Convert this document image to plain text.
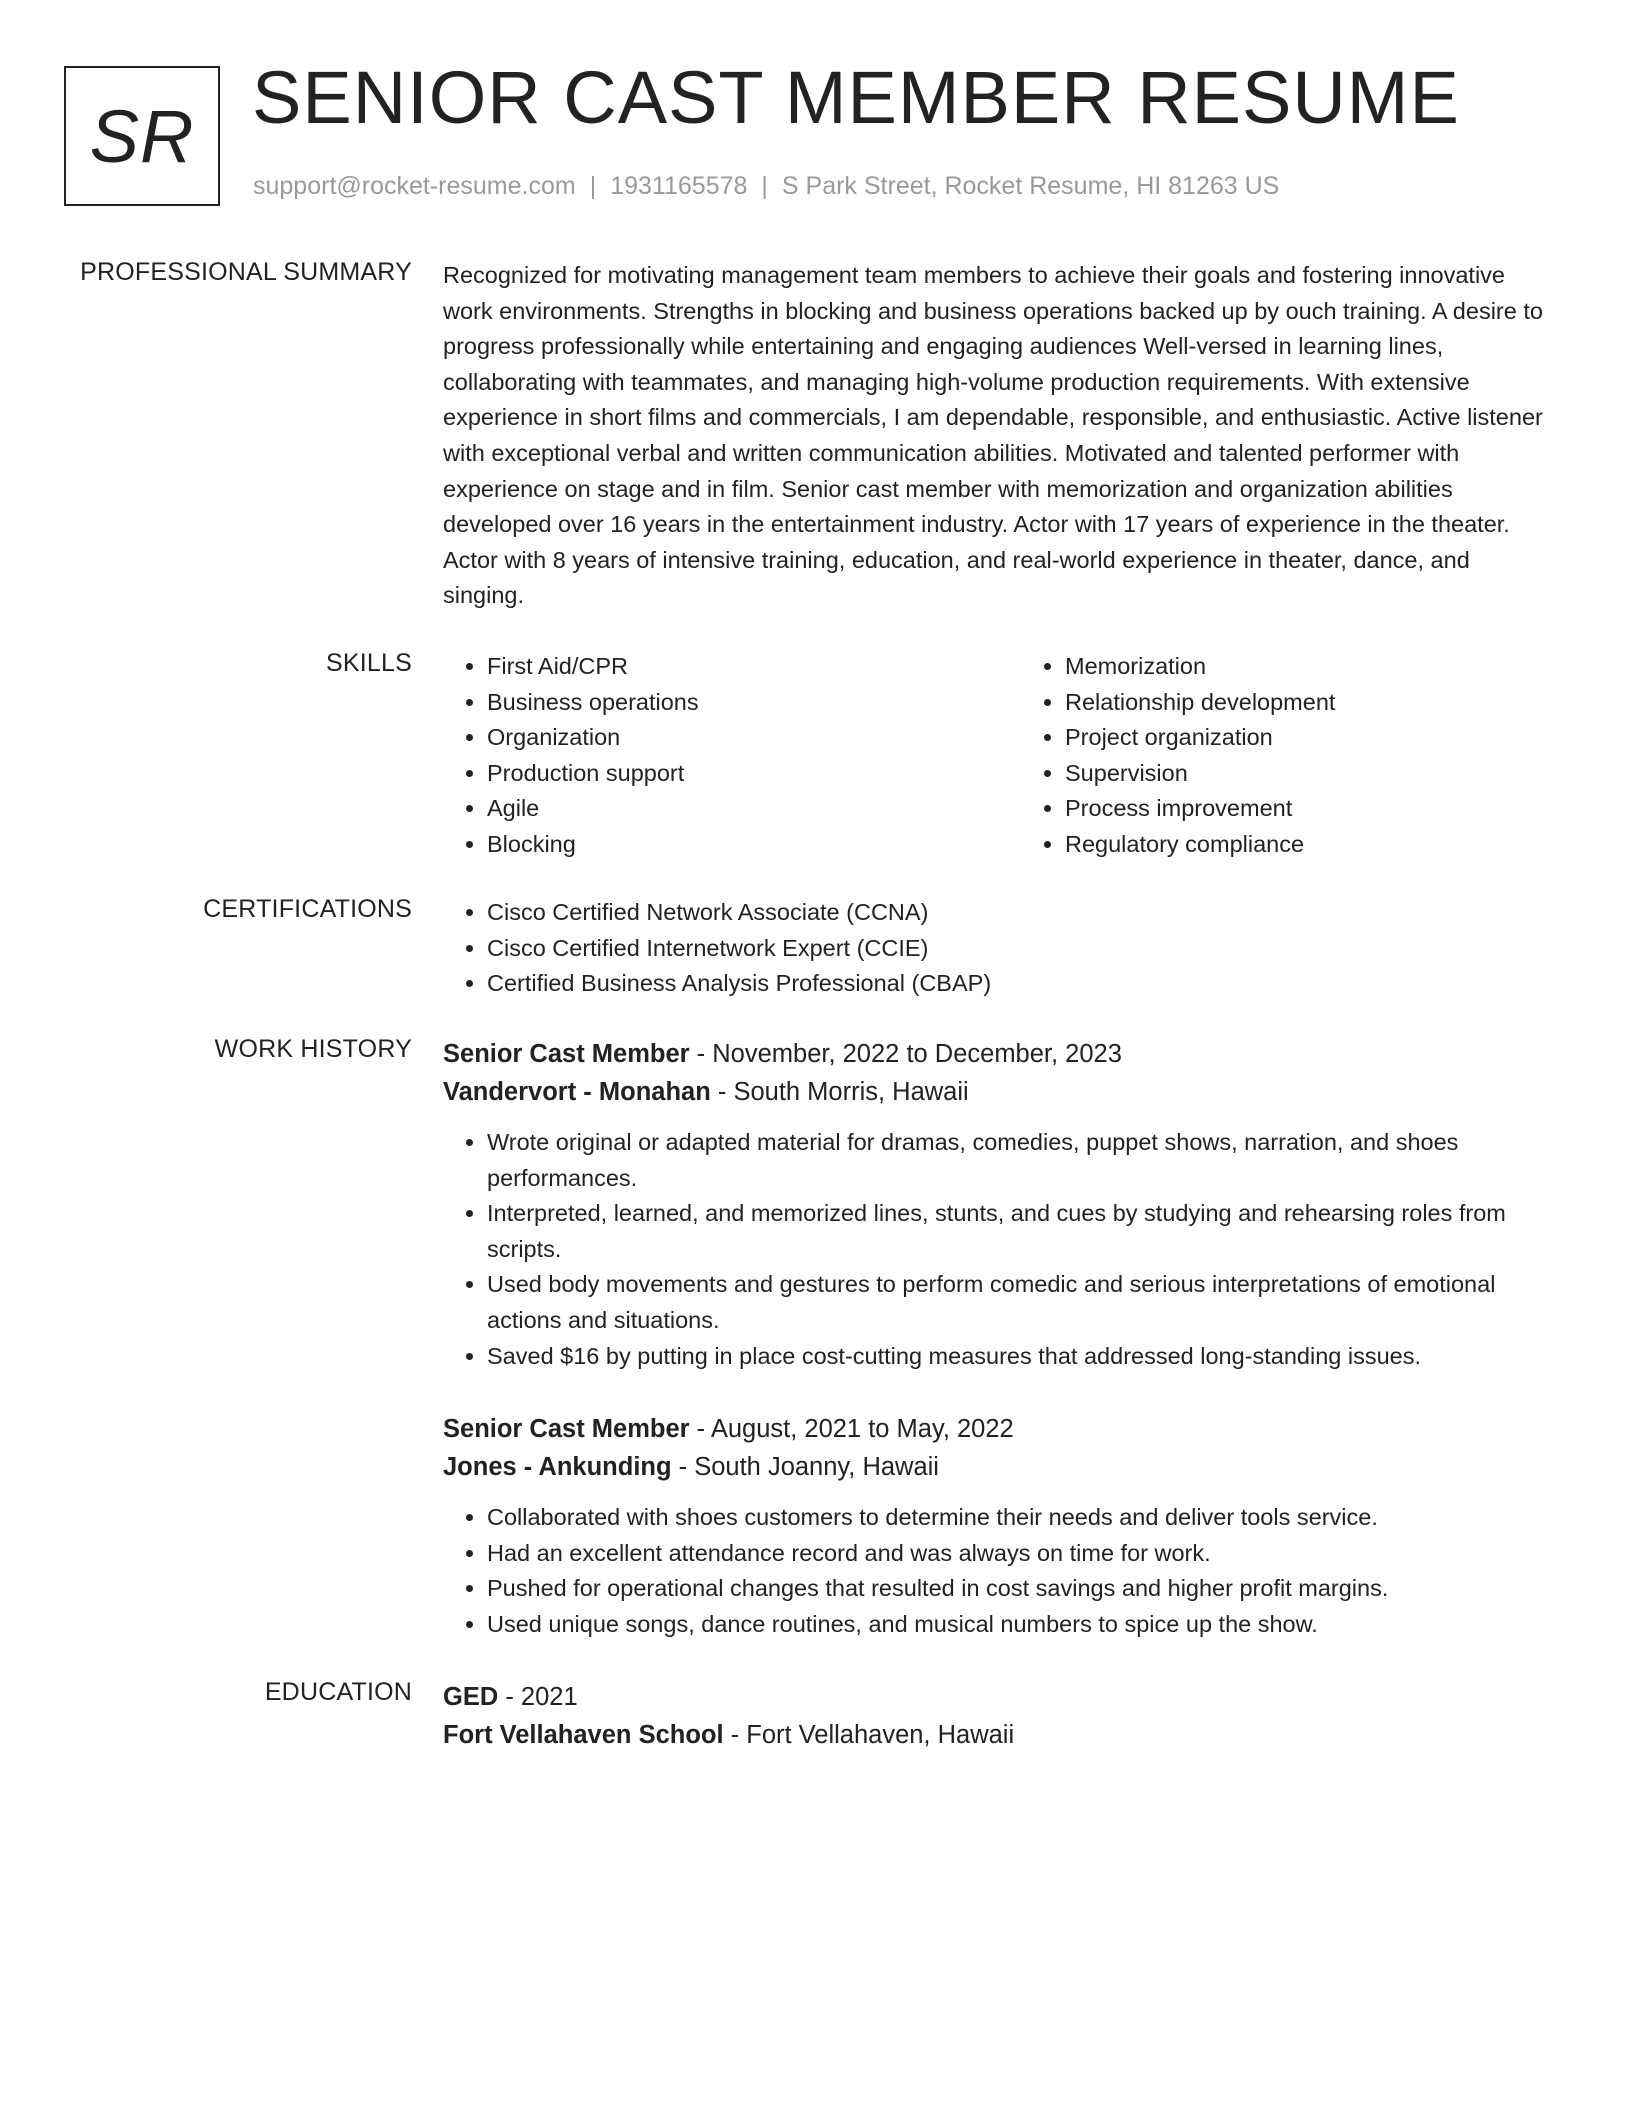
SR SENIOR CAST MEMBER RESUME
support@rocket-resume.com | 1931165578 | S Park Street, Rocket Resume, HI 81263 US
PROFESSIONAL SUMMARY Recognized for motivating management team members to achieve their goals and fostering innovative work environments. Strengths in blocking and business operations backed up by ouch training. A desire to progress professionally while entertaining and engaging audiences Well-versed in learning lines, collaborating with teammates, and managing high-volume production requirements. With extensive experience in short films and commercials, I am dependable, responsible, and enthusiastic. Active listener with exceptional verbal and written communication abilities. Motivated and talented performer with experience on stage and in film. Senior cast member with memorization and organization abilities developed over 16 years in the entertainment industry. Actor with 17 years of experience in the theater. Actor with 8 years of intensive training, education, and real-world experience in theater, dance, and singing.
SKILLS	• First Aid/CPR
• Business operations
• Organization
• Production support
• Agile
• Blocking
• Memorization
• Relationship development
• Project organization
• Supervision
• Process improvement
• Regulatory compliance
CERTIFICATIONS	• Cisco Certified Network Associate (CCNA)
• Cisco Certified Internetwork Expert (CCIE)
• Certified Business Analysis Professional (CBAP)
WORK HISTORY Senior Cast Member - November, 2022 to December, 2023
Vandervort - Monahan - South Morris, Hawaii
• Wrote original or adapted material for dramas, comedies, puppet shows, narration, and shoes performances.
• Interpreted, learned, and memorized lines, stunts, and cues by studying and rehearsing roles from scripts.
• Used body movements and gestures to perform comedic and serious interpretations of emotional actions and situations.
• Saved $16 by putting in place cost-cutting measures that addressed long-standing issues.
Senior Cast Member - August, 2021 to May, 2022
Jones - Ankunding - South Joanny, Hawaii
• Collaborated with shoes customers to determine their needs and deliver tools service.
• Had an excellent attendance record and was always on time for work.
• Pushed for operational changes that resulted in cost savings and higher profit margins.
• Used unique songs, dance routines, and musical numbers to spice up the show.
EDUCATION GED - 2021
Fort Vellahaven School - Fort Vellahaven, Hawaii
